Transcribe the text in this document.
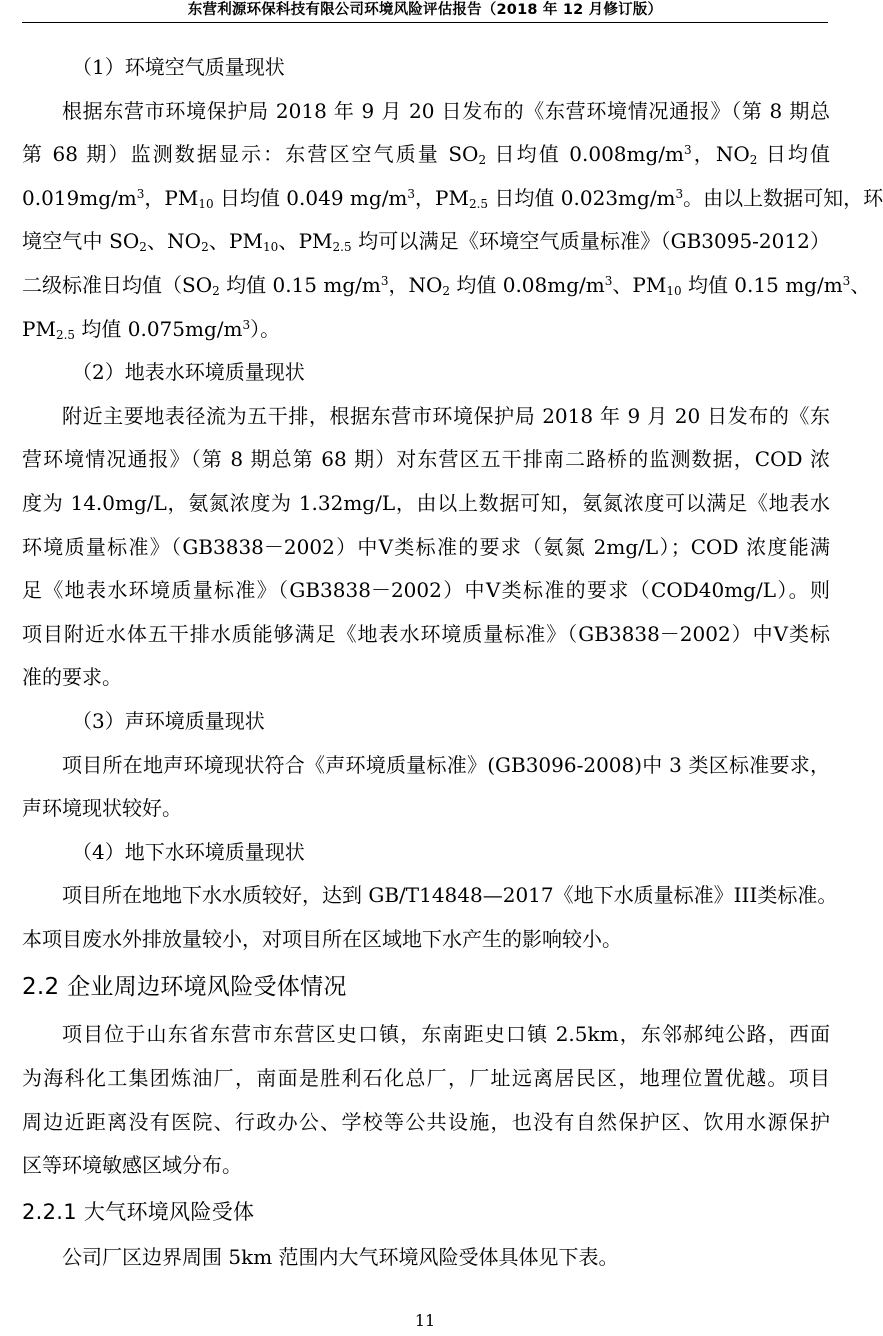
东营利源环保科技有限公司环境风险评估报告（2018 年 12 月修订版）

（1）环境空气质量现状

根据东营市环境保护局 2018 年 9 月 20 日发布的《东营环境情况通报》（第 8 期总
第 68 期）监测数据显示：东营区空气质量 $SO_2$ 日均值 $0.008mg/m^3$，$NO_2$ 日均值
$0.019mg/m^3$，$PM_{10}$ 日均值 0.049 $mg/m^3$，$PM_{2.5}$ 日均值 $0.023mg/m^3$。由以上数据可知，环
境空气中 $SO_2$、$NO_2$、$PM_{10}$、$PM_{2.5}$ 均可以满足《环境空气质量标准》（GB3095-2012）
二级标准日均值（$SO_2$ 均值 0.15 $mg/m^3$，$NO_2$ 均值 $0.08mg/m^3$、$PM_{10}$ 均值 0.15 $mg/m^3$、
$PM_{2.5}$ 均值 $0.075mg/m^3$）。

（2）地表水环境质量现状

附近主要地表径流为五干排，根据东营市环境保护局 2018 年 9 月 20 日发布的《东
营环境情况通报》（第 8 期总第 68 期）对东营区五干排南二路桥的监测数据，COD 浓
度为 14.0mg/L，氨氮浓度为 1.32mg/L，由以上数据可知，氨氮浓度可以满足《地表水
环境质量标准》（GB3838－2002）中V类标准的要求（氨氮 2mg/L）；COD 浓度能满
足《地表水环境质量标准》（GB3838－2002）中V类标准的要求（COD40mg/L）。则
项目附近水体五干排水质能够满足《地表水环境质量标准》（GB3838－2002）中V类标
准的要求。

（3）声环境质量现状

项目所在地声环境现状符合《声环境质量标准》(GB3096-2008)中 3 类区标准要求，
声环境现状较好。

（4）地下水环境质量现状

项目所在地地下水水质较好，达到 GB/T14848—2017《地下水质量标准》III类标准。
本项目废水外排放量较小，对项目所在区域地下水产生的影响较小。

2.2 企业周边环境风险受体情况

项目位于山东省东营市东营区史口镇，东南距史口镇 2.5km，东邻郝纯公路，西面
为海科化工集团炼油厂，南面是胜利石化总厂，厂址远离居民区，地理位置优越。项目
周边近距离没有医院、行政办公、学校等公共设施，也没有自然保护区、饮用水源保护
区等环境敏感区域分布。

2.2.1 大气环境风险受体

公司厂区边界周围 5km 范围内大气环境风险受体具体见下表。
11
